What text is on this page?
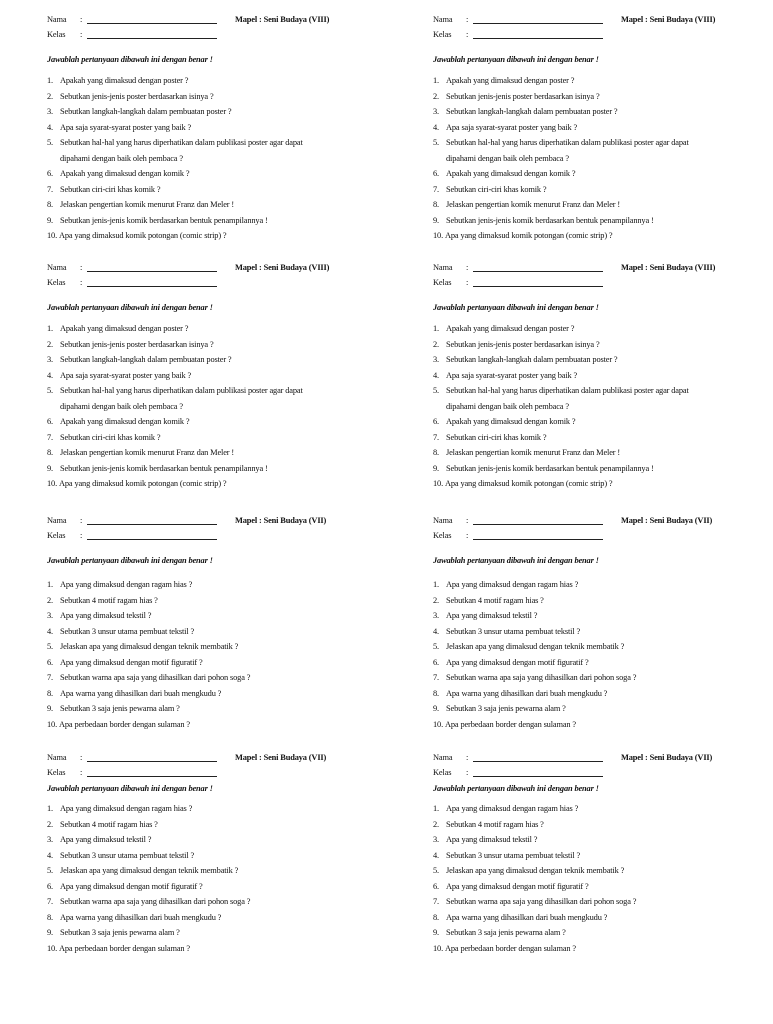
Nama :	Mapel : Seni Budaya (VIII)
Kelas :
Jawablah pertanyaan dibawah ini dengan benar !
1. Apakah yang dimaksud dengan poster ?
2. Sebutkan jenis-jenis poster berdasarkan isinya ?
3. Sebutkan langkah-langkah dalam pembuatan poster ?
4. Apa saja syarat-syarat poster yang baik ?
5. Sebutkan hal-hal yang harus diperhatikan dalam publikasi poster agar dapat
dipahami dengan baik oleh pembaca ?
6. Apakah yang dimaksud dengan komik ?
7. Sebutkan ciri-ciri khas komik ?
8. Jelaskan pengertian komik menurut Franz dan Meler !
9. Sebutkan jenis-jenis komik berdasarkan bentuk penampilannya !
10. Apa yang dimaksud komik potongan (comic strip) ?
Nama :	Mapel : Seni Budaya (VIII)
Kelas :
Jawablah pertanyaan dibawah ini dengan benar !
1. Apakah yang dimaksud dengan poster ?
2. Sebutkan jenis-jenis poster berdasarkan isinya ?
3. Sebutkan langkah-langkah dalam pembuatan poster ?
4. Apa saja syarat-syarat poster yang baik ?
5. Sebutkan hal-hal yang harus diperhatikan dalam publikasi poster agar dapat
dipahami dengan baik oleh pembaca ?
6. Apakah yang dimaksud dengan komik ?
7. Sebutkan ciri-ciri khas komik ?
8. Jelaskan pengertian komik menurut Franz dan Meler !
9. Sebutkan jenis-jenis komik berdasarkan bentuk penampilannya !
10. Apa yang dimaksud komik potongan (comic strip) ?
Nama :	Mapel : Seni Budaya (VIII)
Kelas :
Jawablah pertanyaan dibawah ini dengan benar !
1. Apakah yang dimaksud dengan poster ?
2. Sebutkan jenis-jenis poster berdasarkan isinya ?
3. Sebutkan langkah-langkah dalam pembuatan poster ?
4. Apa saja syarat-syarat poster yang baik ?
5. Sebutkan hal-hal yang harus diperhatikan dalam publikasi poster agar dapat
dipahami dengan baik oleh pembaca ?
6. Apakah yang dimaksud dengan komik ?
7. Sebutkan ciri-ciri khas komik ?
8. Jelaskan pengertian komik menurut Franz dan Meler !
9. Sebutkan jenis-jenis komik berdasarkan bentuk penampilannya !
10. Apa yang dimaksud komik potongan (comic strip) ?
Nama :	Mapel : Seni Budaya (VIII)
Kelas :
Jawablah pertanyaan dibawah ini dengan benar !
1. Apakah yang dimaksud dengan poster ?
2. Sebutkan jenis-jenis poster berdasarkan isinya ?
3. Sebutkan langkah-langkah dalam pembuatan poster ?
4. Apa saja syarat-syarat poster yang baik ?
5. Sebutkan hal-hal yang harus diperhatikan dalam publikasi poster agar dapat
dipahami dengan baik oleh pembaca ?
6. Apakah yang dimaksud dengan komik ?
7. Sebutkan ciri-ciri khas komik ?
8. Jelaskan pengertian komik menurut Franz dan Meler !
9. Sebutkan jenis-jenis komik berdasarkan bentuk penampilannya !
10. Apa yang dimaksud komik potongan (comic strip) ?
Nama :	Mapel : Seni Budaya (VII)
Kelas :
Jawablah pertanyaan dibawah ini dengan benar !
1. Apa yang dimaksud dengan ragam hias ?
2. Sebutkan 4 motif ragam hias ?
3. Apa yang dimaksud tekstil ?
4. Sebutkan 3 unsur utama pembuat tekstil ?
5. Jelaskan apa yang dimaksud dengan teknik membatik ?
6. Apa yang dimaksud dengan motif figuratif ?
7. Sebutkan warna apa saja yang dihasilkan dari pohon soga ?
8. Apa warna yang dihasilkan dari buah mengkudu ?
9. Sebutkan 3 saja jenis pewarna alam ?
10. Apa perbedaan border dengan sulaman ?
Nama :	Mapel : Seni Budaya (VII)
Kelas :
Jawablah pertanyaan dibawah ini dengan benar !
1. Apa yang dimaksud dengan ragam hias ?
2. Sebutkan 4 motif ragam hias ?
3. Apa yang dimaksud tekstil ?
4. Sebutkan 3 unsur utama pembuat tekstil ?
5. Jelaskan apa yang dimaksud dengan teknik membatik ?
6. Apa yang dimaksud dengan motif figuratif ?
7. Sebutkan warna apa saja yang dihasilkan dari pohon soga ?
8. Apa warna yang dihasilkan dari buah mengkudu ?
9. Sebutkan 3 saja jenis pewarna alam ?
10. Apa perbedaan border dengan sulaman ?
Nama :	Mapel : Seni Budaya (VII)
Kelas :
Jawablah pertanyaan dibawah ini dengan benar !
1. Apa yang dimaksud dengan ragam hias ?
2. Sebutkan 4 motif ragam hias ?
3. Apa yang dimaksud tekstil ?
4. Sebutkan 3 unsur utama pembuat tekstil ?
5. Jelaskan apa yang dimaksud dengan teknik membatik ?
6. Apa yang dimaksud dengan motif figuratif ?
7. Sebutkan warna apa saja yang dihasilkan dari pohon soga ?
8. Apa warna yang dihasilkan dari buah mengkudu ?
9. Sebutkan 3 saja jenis pewarna alam ?
10. Apa perbedaan border dengan sulaman ?
Nama :	Mapel : Seni Budaya (VII)
Kelas :
Jawablah pertanyaan dibawah ini dengan benar !
1. Apa yang dimaksud dengan ragam hias ?
2. Sebutkan 4 motif ragam hias ?
3. Apa yang dimaksud tekstil ?
4. Sebutkan 3 unsur utama pembuat tekstil ?
5. Jelaskan apa yang dimaksud dengan teknik membatik ?
6. Apa yang dimaksud dengan motif figuratif ?
7. Sebutkan warna apa saja yang dihasilkan dari pohon soga ?
8. Apa warna yang dihasilkan dari buah mengkudu ?
9. Sebutkan 3 saja jenis pewarna alam ?
10. Apa perbedaan border dengan sulaman ?
